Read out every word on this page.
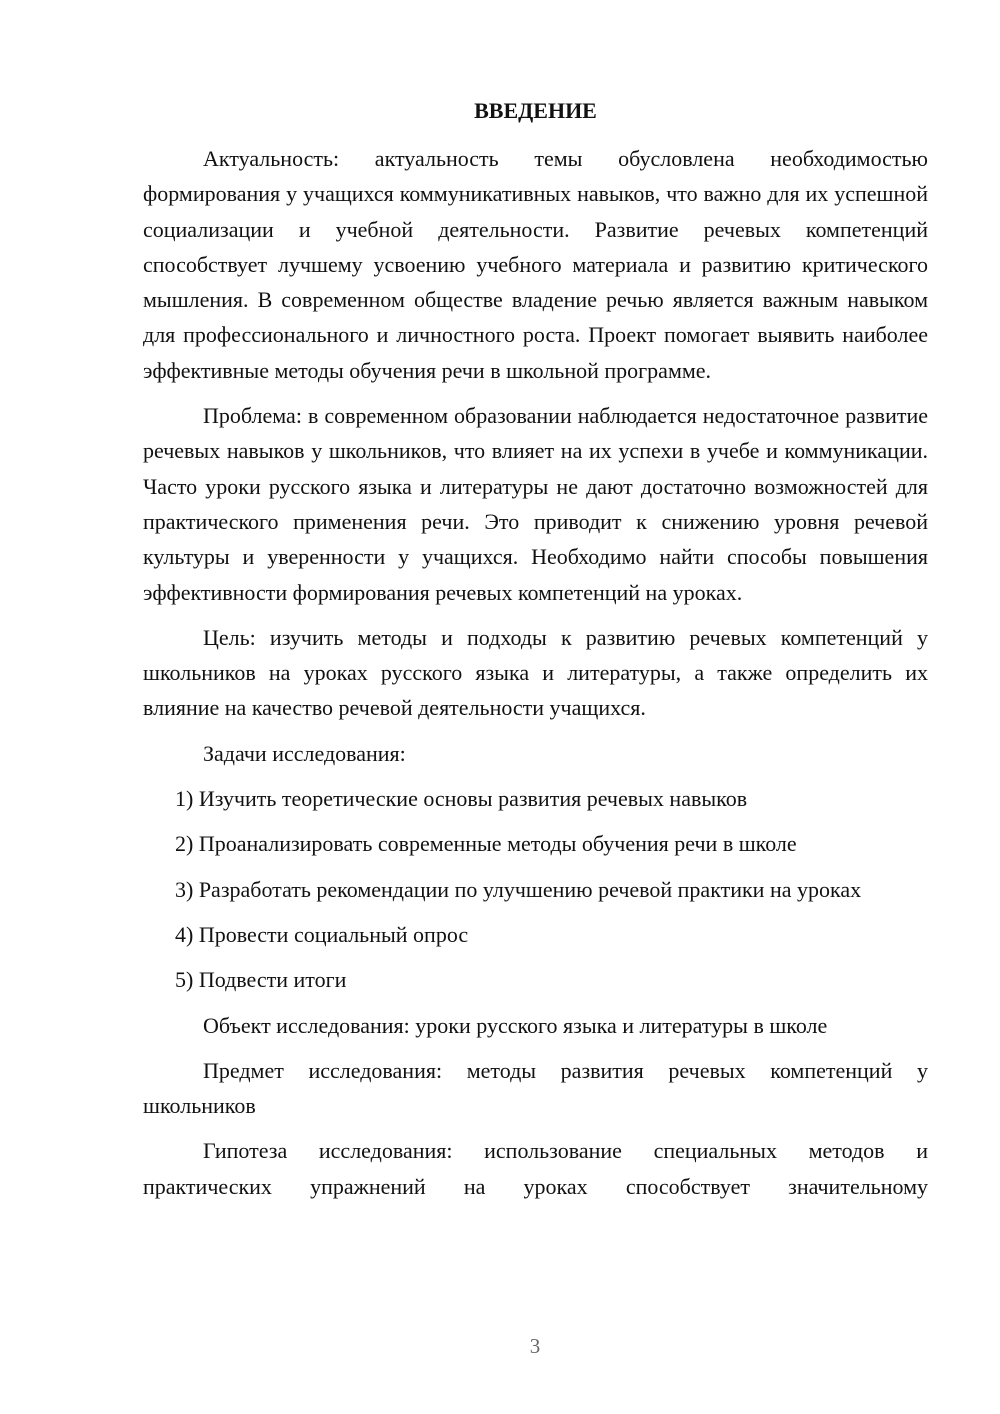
ВВЕДЕНИЕ

Актуальность: актуальность темы обусловлена необходимостью формирования у учащихся коммуникативных навыков, что важно для их успешной социализации и учебной деятельности. Развитие речевых компетенций способствует лучшему усвоению учебного материала и развитию критического мышления. В современном обществе владение речью является важным навыком для профессионального и личностного роста. Проект помогает выявить наиболее эффективные методы обучения речи в школьной программе.

Проблема: в современном образовании наблюдается недостаточное развитие речевых навыков у школьников, что влияет на их успехи в учебе и коммуникации. Часто уроки русского языка и литературы не дают достаточно возможностей для практического применения речи. Это приводит к снижению уровня речевой культуры и уверенности у учащихся. Необходимо найти способы повышения эффективности формирования речевых компетенций на уроках.

Цель: изучить методы и подходы к развитию речевых компетенций у школьников на уроках русского языка и литературы, а также определить их влияние на качество речевой деятельности учащихся.

Задачи исследования:

1) Изучить теоретические основы развития речевых навыков

2) Проанализировать современные методы обучения речи в школе

3) Разработать рекомендации по улучшению речевой практики на уроках

4) Провести социальный опрос

5) Подвести итоги

Объект исследования: уроки русского языка и литературы в школе

Предмет исследования: методы развития речевых компетенций у школьников

Гипотеза исследования: использование специальных методов и практических упражнений на уроках способствует значительному

3
